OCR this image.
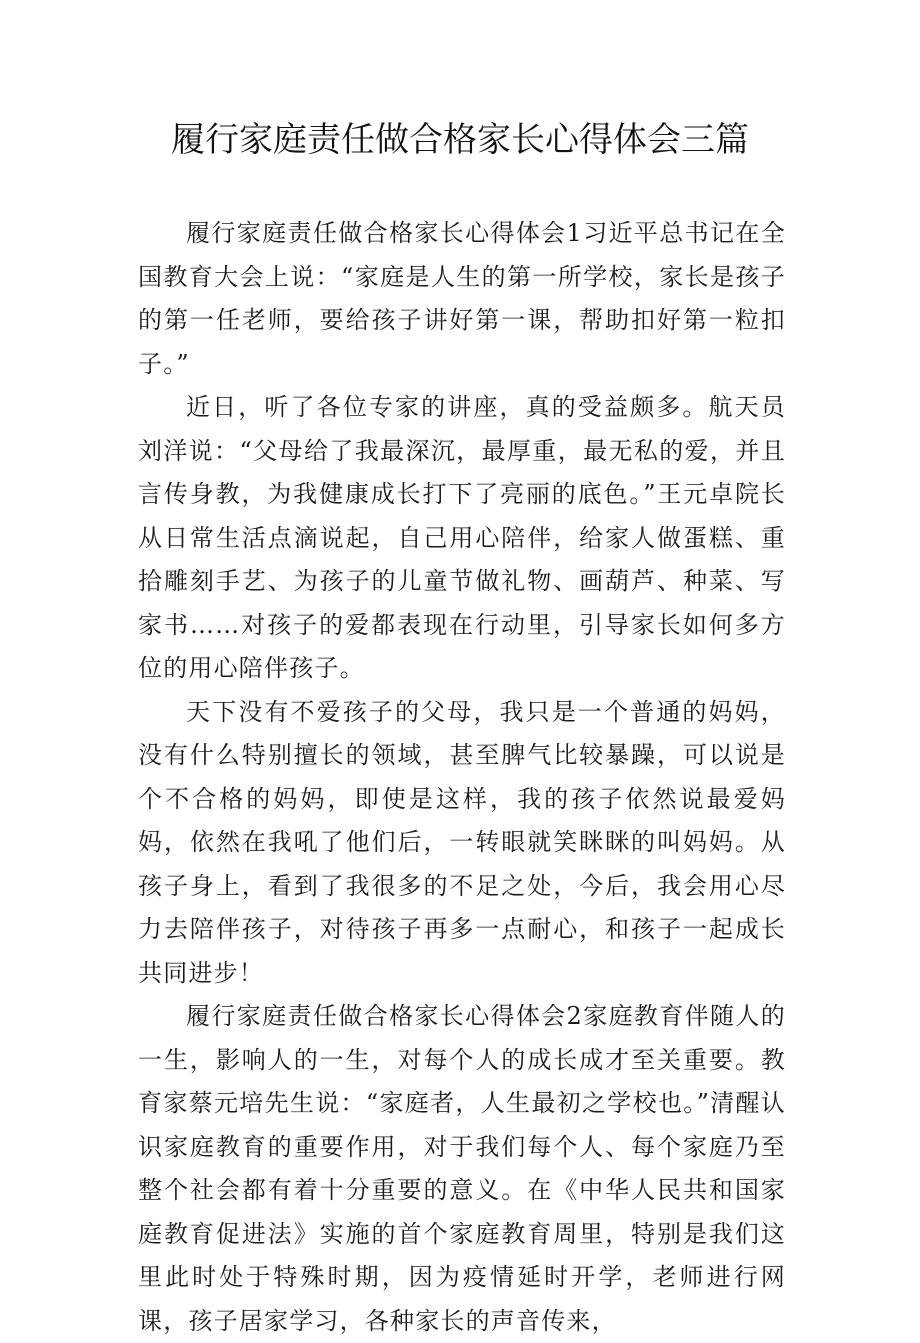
履行家庭责任做合格家长心得体会三篇

履行家庭责任做合格家长心得体会1习近平总书记在全国教育大会上说：“家庭是人生的第一所学校，家长是孩子的第一任老师，要给孩子讲好第一课，帮助扣好第一粒扣子。”

近日，听了各位专家的讲座，真的受益颇多。航天员刘洋说：“父母给了我最深沉，最厚重，最无私的爱，并且言传身教，为我健康成长打下了亮丽的底色。”王元卓院长从日常生活点滴说起，自己用心陪伴，给家人做蛋糕、重拾雕刻手艺、为孩子的儿童节做礼物、画葫芦、种菜、写家书……对孩子的爱都表现在行动里，引导家长如何多方位的用心陪伴孩子。

天下没有不爱孩子的父母，我只是一个普通的妈妈，没有什么特别擅长的领域，甚至脾气比较暴躁，可以说是个不合格的妈妈，即使是这样，我的孩子依然说最爱妈妈，依然在我吼了他们后，一转眼就笑眯眯的叫妈妈。从孩子身上，看到了我很多的不足之处，今后，我会用心尽力去陪伴孩子，对待孩子再多一点耐心，和孩子一起成长共同进步！

履行家庭责任做合格家长心得体会2家庭教育伴随人的一生，影响人的一生，对每个人的成长成才至关重要。教育家蔡元培先生说：“家庭者，人生最初之学校也。”清醒认识家庭教育的重要作用，对于我们每个人、每个家庭乃至整个社会都有着十分重要的意义。在《中华人民共和国家庭教育促进法》实施的首个家庭教育周里，特别是我们这里此时处于特殊时期，因为疫情延时开学，老师进行网课，孩子居家学习，各种家长的声音传来，
